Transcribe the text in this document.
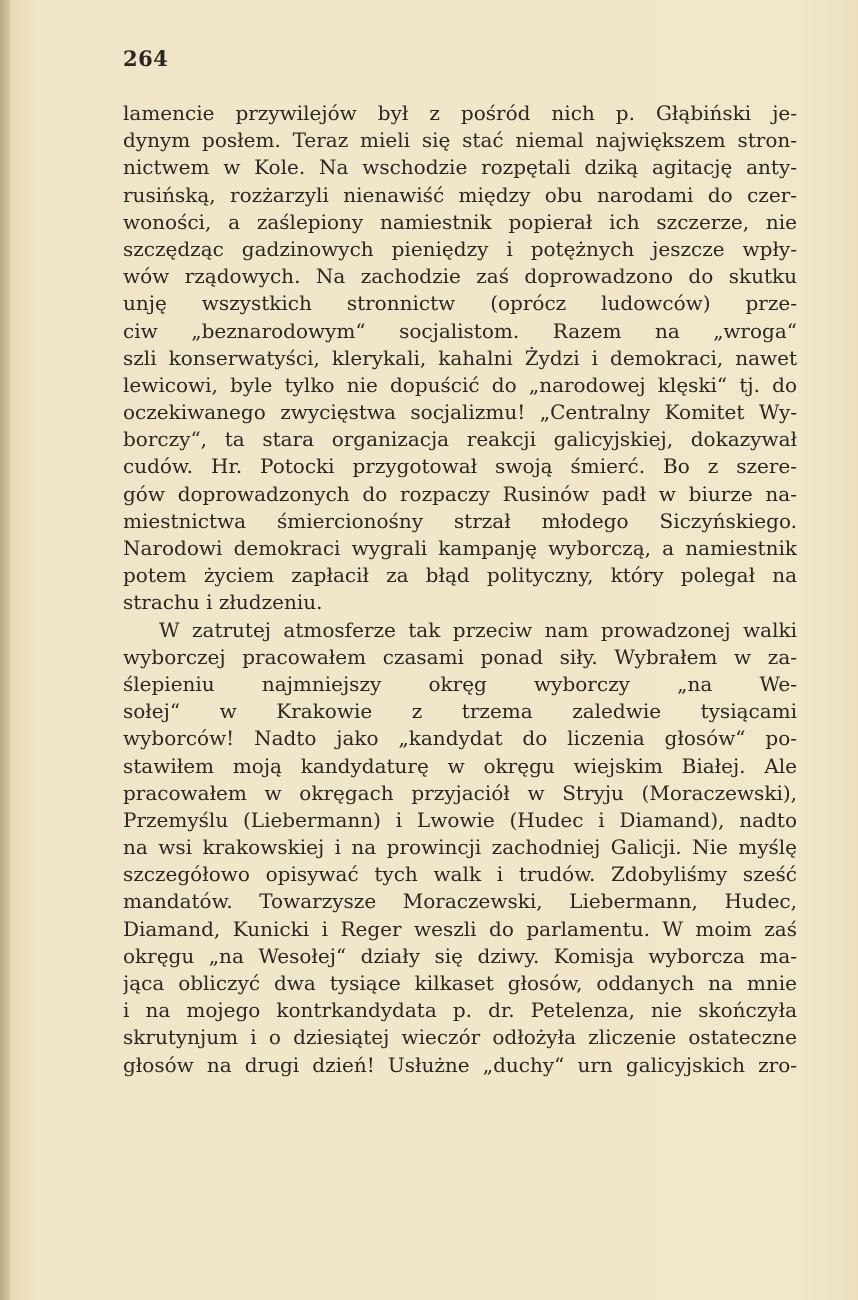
264
lamencie przywilejów był z pośród nich p. Głąbiński je-
dynym posłem. Teraz mieli się stać niemal największem stron-
nictwem w Kole. Na wschodzie rozpętali dziką agitację anty-
rusińską, rozżarzyli nienawiść między obu narodami do czer-
woności, a zaślepiony namiestnik popierał ich szczerze, nie
szczędząc gadzinowych pieniędzy i potężnych jeszcze wpły-
wów rządowych. Na zachodzie zaś doprowadzono do skutku
unję wszystkich stronnictw (oprócz ludowców) prze-
ciw „beznarodowym“ socjalistom. Razem na „wroga“
szli konserwatyści, klerykali, kahalni Żydzi i demokraci, nawet
lewicowi, byle tylko nie dopuścić do „narodowej klęski“ tj. do
oczekiwanego zwycięstwa socjalizmu! „Centralny Komitet Wy-
borczy“, ta stara organizacja reakcji galicyjskiej, dokazywał
cudów. Hr. Potocki przygotował swoją śmierć. Bo z szere-
gów doprowadzonych do rozpaczy Rusinów padł w biurze na-
miestnictwa śmiercionośny strzał młodego Siczyńskiego.
Narodowi demokraci wygrali kampanję wyborczą, a namiestnik
potem życiem zapłacił za błąd polityczny, który polegał na
strachu i złudzeniu.
W zatrutej atmosferze tak przeciw nam prowadzonej walki
wyborczej pracowałem czasami ponad siły. Wybrałem w za-
ślepieniu najmniejszy okręg wyborczy „na We-
sołej“ w Krakowie z trzema zaledwie tysiącami
wyborców! Nadto jako „kandydat do liczenia głosów“ po-
stawiłem moją kandydaturę w okręgu wiejskim Białej. Ale
pracowałem w okręgach przyjaciół w Stryju (Moraczewski),
Przemyślu (Liebermann) i Lwowie (Hudec i Diamand), nadto
na wsi krakowskiej i na prowincji zachodniej Galicji. Nie myślę
szczegółowo opisywać tych walk i trudów. Zdobyliśmy sześć
mandatów. Towarzysze Moraczewski, Liebermann, Hudec,
Diamand, Kunicki i Reger weszli do parlamentu. W moim zaś
okręgu „na Wesołej“ działy się dziwy. Komisja wyborcza ma-
jąca obliczyć dwa tysiące kilkaset głosów, oddanych na mnie
i na mojego kontrkandydata p. dr. Petelenza, nie skończyła
skrutynjum i o dziesiątej wieczór odłożyła zliczenie ostateczne
głosów na drugi dzień! Usłużne „duchy“ urn galicyjskich zro-
